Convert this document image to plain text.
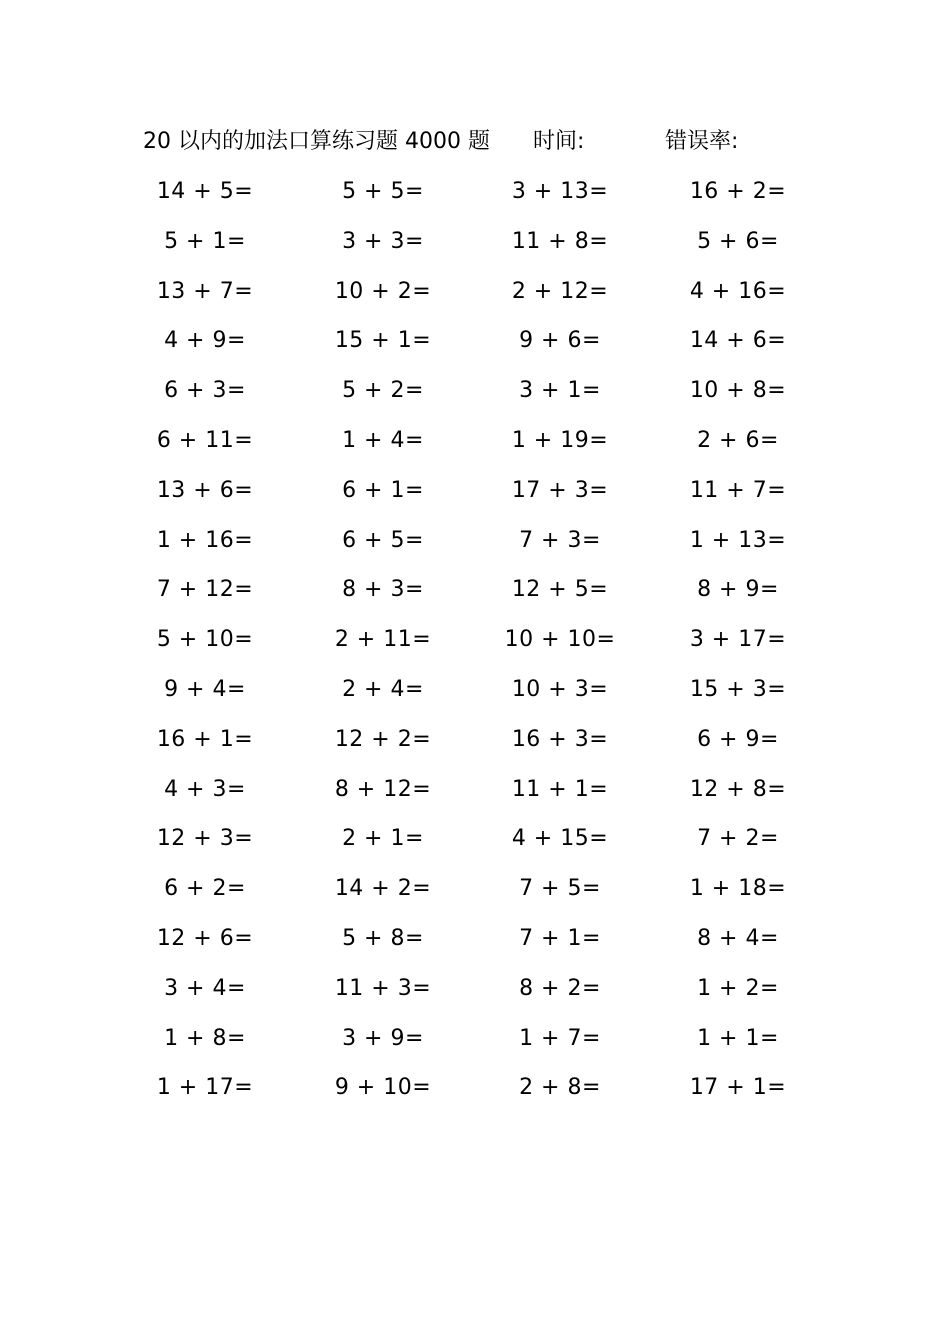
20 以内的加法口算练习题 4000 题 时间:	错误率:
14 + 5=	5 + 5=	3 + 13=	16 + 2=
5 + 1=	3 + 3=	11 + 8=	5 + 6=
13 + 7=	10 + 2=	2 + 12=	4 + 16=
4 + 9=	15 + 1=	9 + 6=	14 + 6=
6 + 3=	5 + 2=	3 + 1=	10 + 8=
6 + 11=	1 + 4=	1 + 19=	2 + 6=
13 + 6=	6 + 1=	17 + 3=	11 + 7=
1 + 16=	6 + 5=	7 + 3=	1 + 13=
7 + 12=	8 + 3=	12 + 5=	8 + 9=
5 + 10=	2 + 11=	10 + 10=	3 + 17=
9 + 4=	2 + 4=	10 + 3=	15 + 3=
16 + 1=	12 + 2=	16 + 3=	6 + 9=
4 + 3=	8 + 12=	11 + 1=	12 + 8=
12 + 3=	2 + 1=	4 + 15=	7 + 2=
6 + 2=	14 + 2=	7 + 5=	1 + 18=
12 + 6=	5 + 8=	7 + 1=	8 + 4=
3 + 4=	11 + 3=	8 + 2=	1 + 2=
1 + 8=	3 + 9=	1 + 7=	1 + 1=
1 + 17=	9 + 10=	2 + 8=	17 + 1=
